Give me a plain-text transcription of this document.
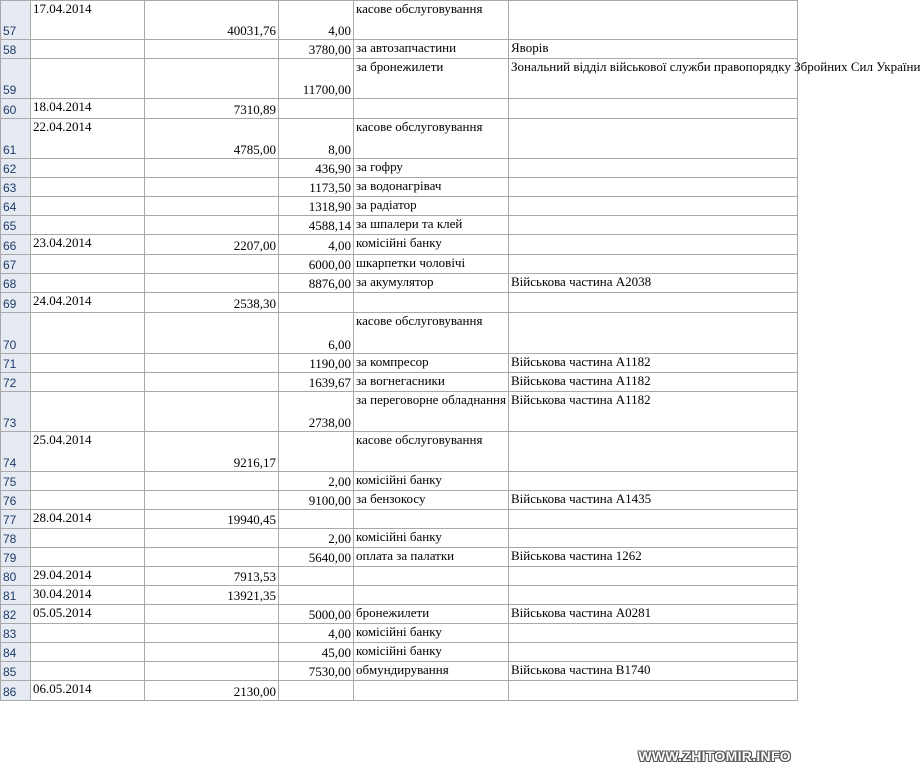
57	17.04.2014	40031,76	4,00	касове обслуговування	
58			3780,00	за автозапчастини	Яворів
59			11700,00	за бронежилети	Зональний відділ військової служби правопорядку Збройних Сил України
60	18.04.2014	7310,89			
61	22.04.2014	4785,00	8,00	касове обслуговування	
62			436,90	за гофру	
63			1173,50	за водонагрівач	
64			1318,90	за радіатор	
65			4588,14	за шпалери та клей	
66	23.04.2014	2207,00	4,00	комісійні банку	
67			6000,00	шкарпетки чоловічі	
68			8876,00	за акумулятор	Військова частина А2038
69	24.04.2014	2538,30			
70			6,00	касове обслуговування	
71			1190,00	за компресор	Військова частина А1182
72			1639,67	за вогнегасники	Військова частина А1182
73			2738,00	за переговорне обладнання	Військова частина А1182
74	25.04.2014	9216,17		касове обслуговування	
75			2,00	комісійні банку	
76			9100,00	за бензокосу	Військова частина А1435
77	28.04.2014	19940,45			
78			2,00	комісійні банку	
79			5640,00	оплата за палатки	Військова частина 1262
80	29.04.2014	7913,53			
81	30.04.2014	13921,35			
82	05.05.2014		5000,00	бронежилети	Військова частина А0281
83			4,00	комісійні банку	
84			45,00	комісійні банку	
85			7530,00	обмундирування	Військова частина В1740
86	06.05.2014	2130,00			
WWW.ZHITOMIR.INFO
